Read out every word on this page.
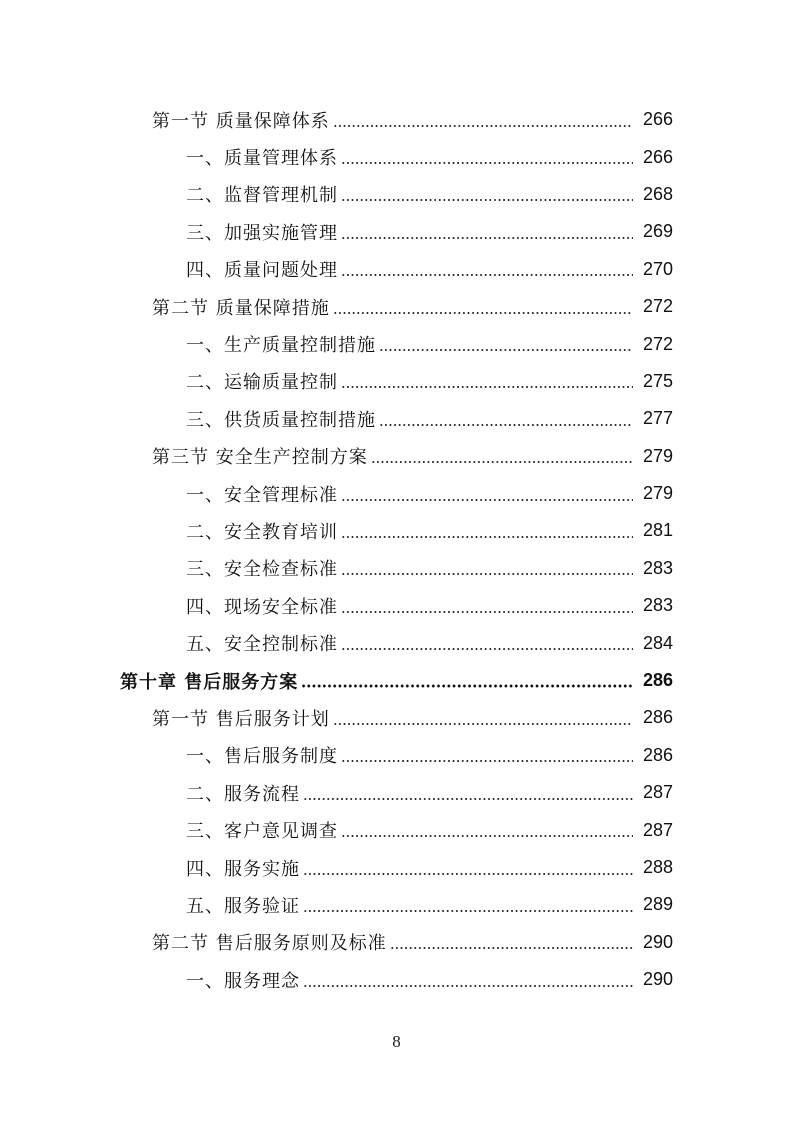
第一节 质量保障体系	266
一、质量管理体系	266
二、监督管理机制	268
三、加强实施管理	269
四、质量问题处理	270
第二节 质量保障措施	272
一、生产质量控制措施	272
二、运输质量控制	275
三、供货质量控制措施	277
第三节 安全生产控制方案	279
一、安全管理标准	279
二、安全教育培训	281
三、安全检查标准	283
四、现场安全标准	283
五、安全控制标准	284
第十章 售后服务方案	286
第一节 售后服务计划	286
一、售后服务制度	286
二、服务流程	287
三、客户意见调查	287
四、服务实施	288
五、服务验证	289
第二节 售后服务原则及标准	290
一、服务理念	290
8
